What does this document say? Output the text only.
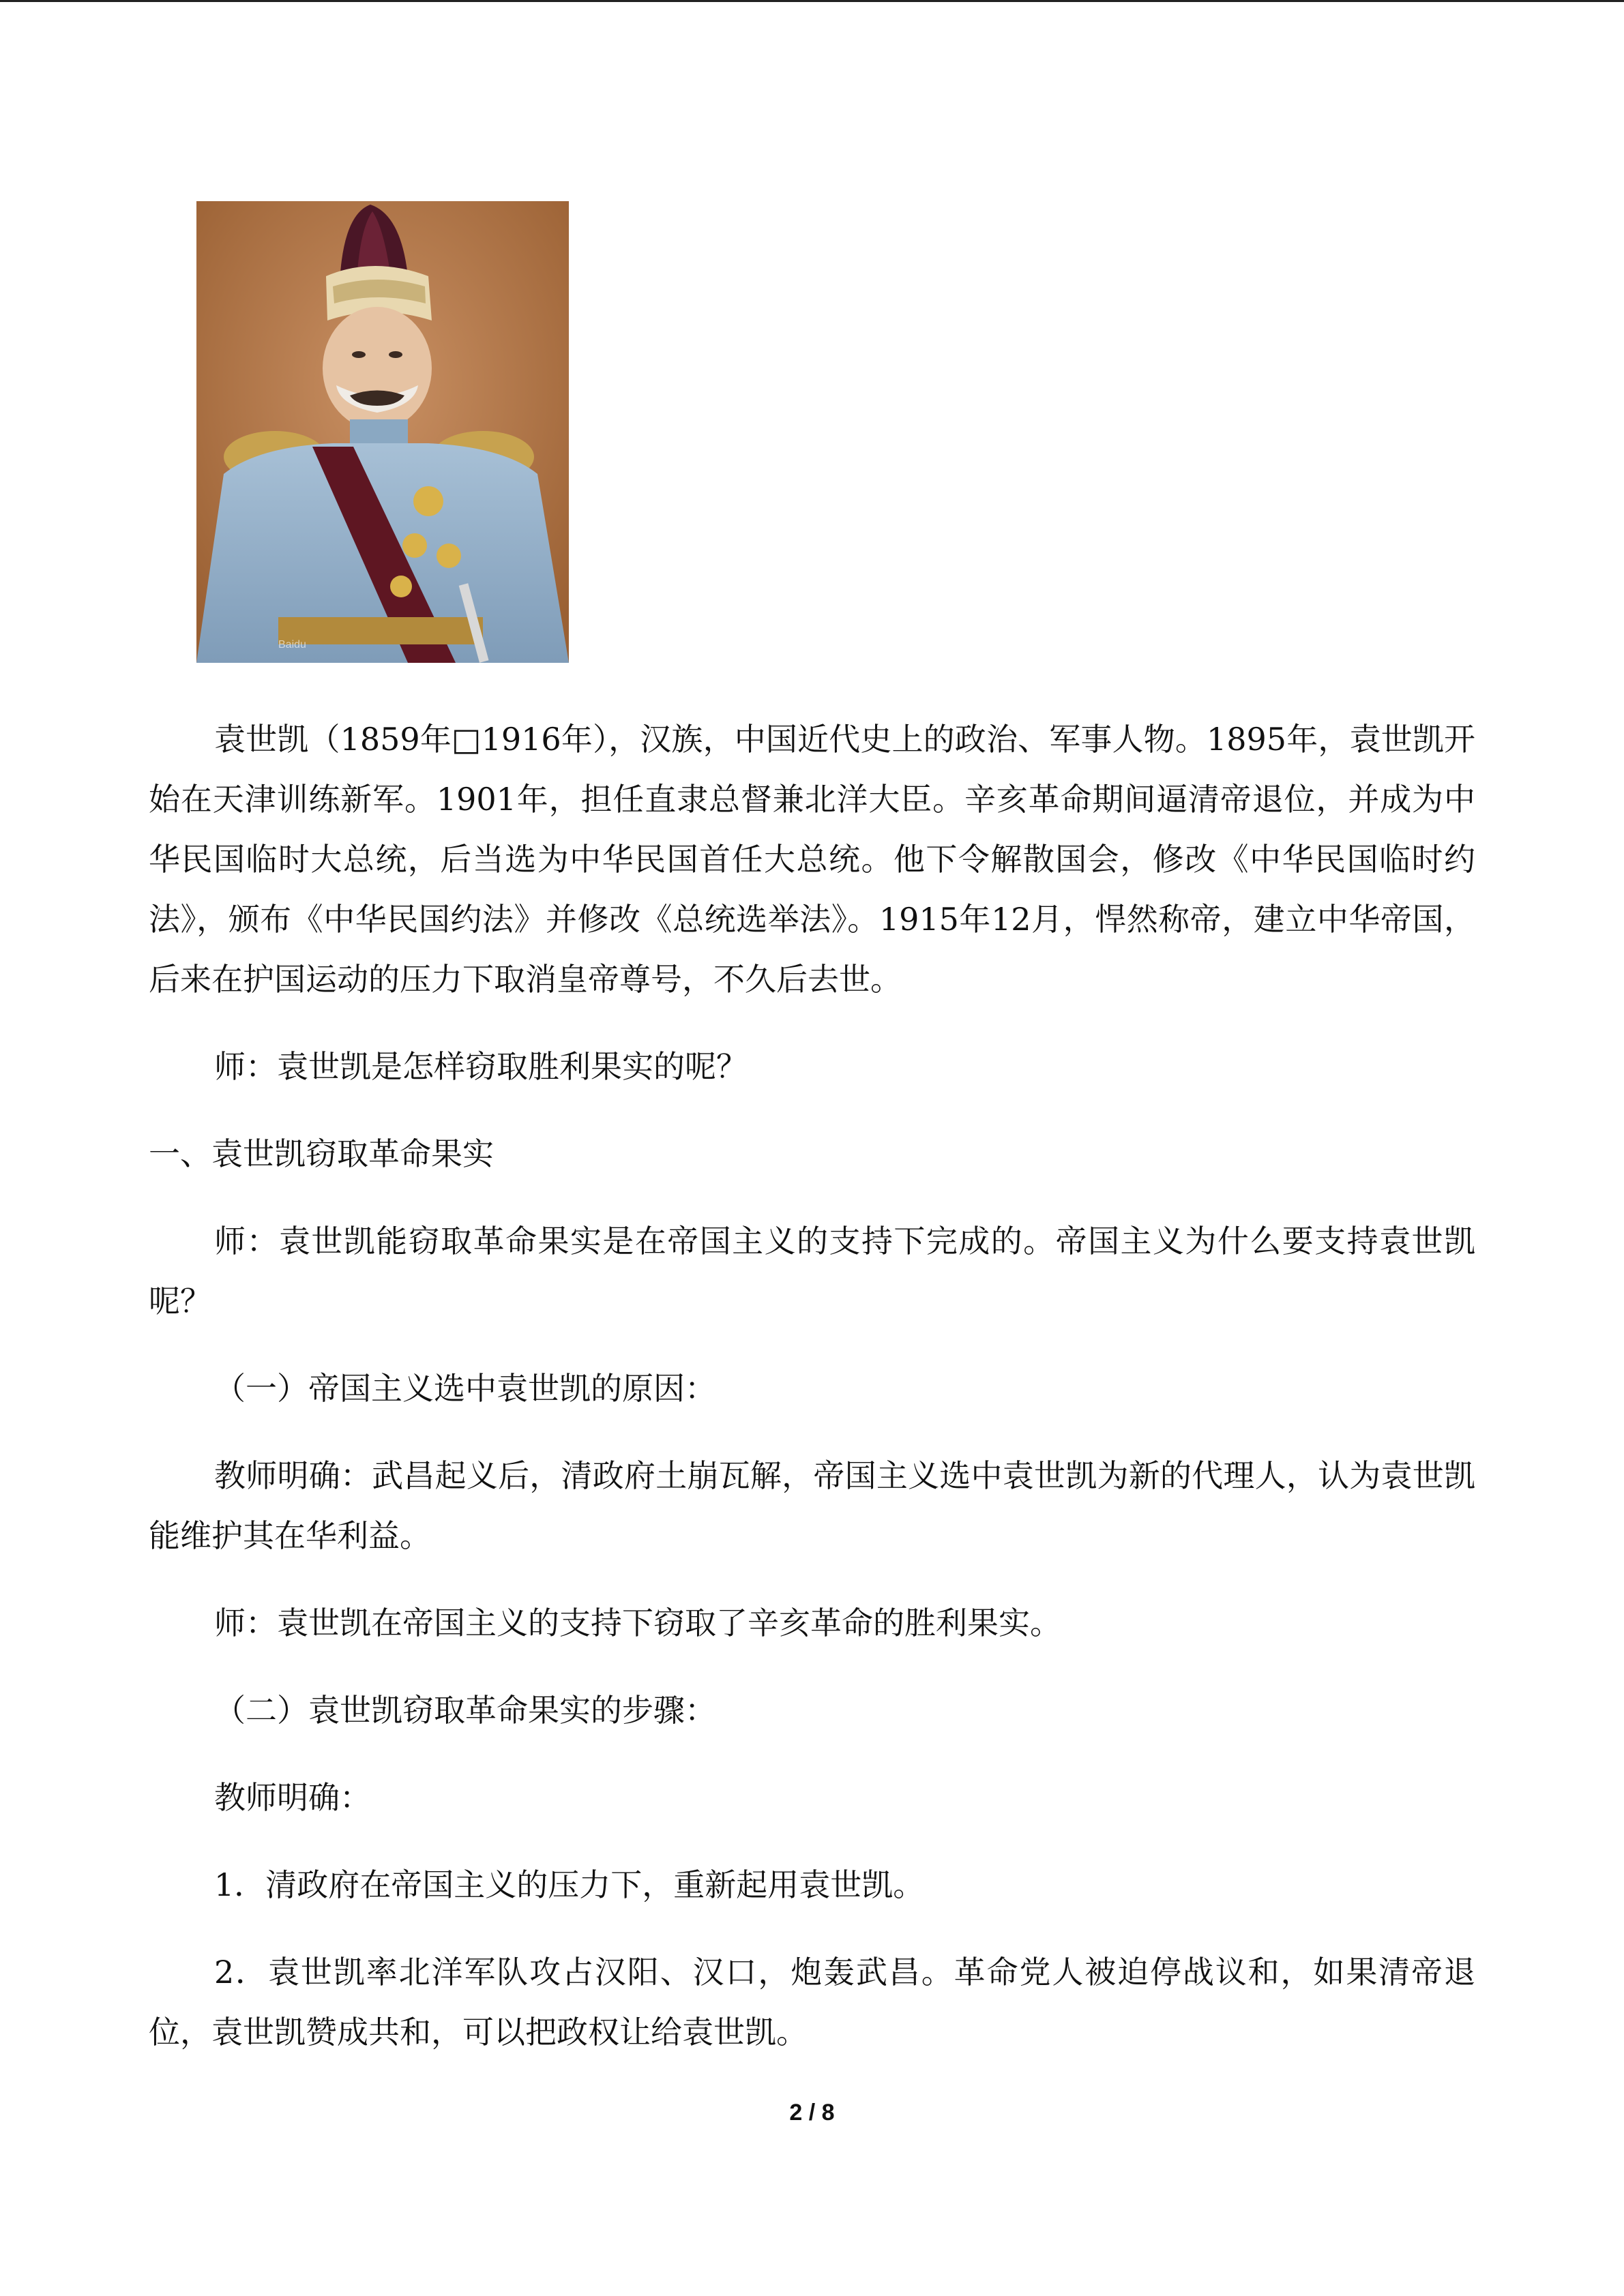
Baidu

袁世凯（1859年□1916年），汉族，中国近代史上的政治、军事人物。1895年，袁世凯开始在天津训练新军。1901年，担任直隶总督兼北洋大臣。辛亥革命期间逼清帝退位，并成为中华民国临时大总统，后当选为中华民国首任大总统。他下令解散国会，修改《中华民国临时约法》，颁布《中华民国约法》并修改《总统选举法》。1915年12月，悍然称帝，建立中华帝国，后来在护国运动的压力下取消皇帝尊号，不久后去世。

师：袁世凯是怎样窃取胜利果实的呢？

一、袁世凯窃取革命果实

师：袁世凯能窃取革命果实是在帝国主义的支持下完成的。帝国主义为什么要支持袁世凯呢？

（一）帝国主义选中袁世凯的原因：

教师明确：武昌起义后，清政府土崩瓦解，帝国主义选中袁世凯为新的代理人，认为袁世凯能维护其在华利益。

师：袁世凯在帝国主义的支持下窃取了辛亥革命的胜利果实。

（二）袁世凯窃取革命果实的步骤：

教师明确：

1．清政府在帝国主义的压力下，重新起用袁世凯。

2．袁世凯率北洋军队攻占汉阳、汉口，炮轰武昌。革命党人被迫停战议和，如果清帝退位，袁世凯赞成共和，可以把政权让给袁世凯。

2 / 8
